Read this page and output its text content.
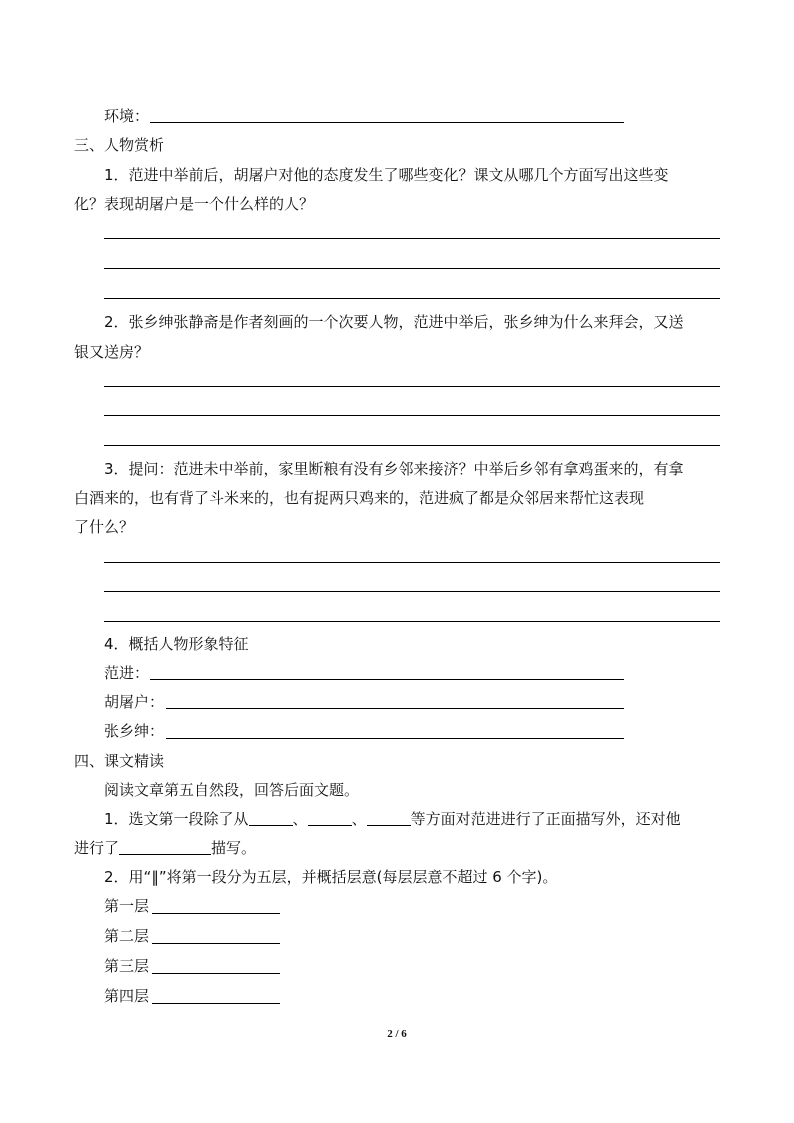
环境：
三、人物赏析
1．范进中举前后，胡屠户对他的态度发生了哪些变化？课文从哪几个方面写出这些变
化？表现胡屠户是一个什么样的人？
2．张乡绅张静斋是作者刻画的一个次要人物，范进中举后，张乡绅为什么来拜会，又送
银又送房？
3．提问：范进未中举前，家里断粮有没有乡邻来接济？中举后乡邻有拿鸡蛋来的，有拿
白酒来的，也有背了斗米来的，也有捉两只鸡来的，范进疯了都是众邻居来帮忙这表现
了什么？
4．概括人物形象特征
范进：
胡屠户：
张乡绅：
四、课文精读
阅读文章第五自然段，回答后面文题。
1．选文第一段除了从	、	、	等方面对范进进行了正面描写外，还对他
进行了	描写。
2．用“‖”将第一段分为五层，并概括层意(每层层意不超过 6 个字)。
第一层
第二层
第三层
第四层
2 / 6
